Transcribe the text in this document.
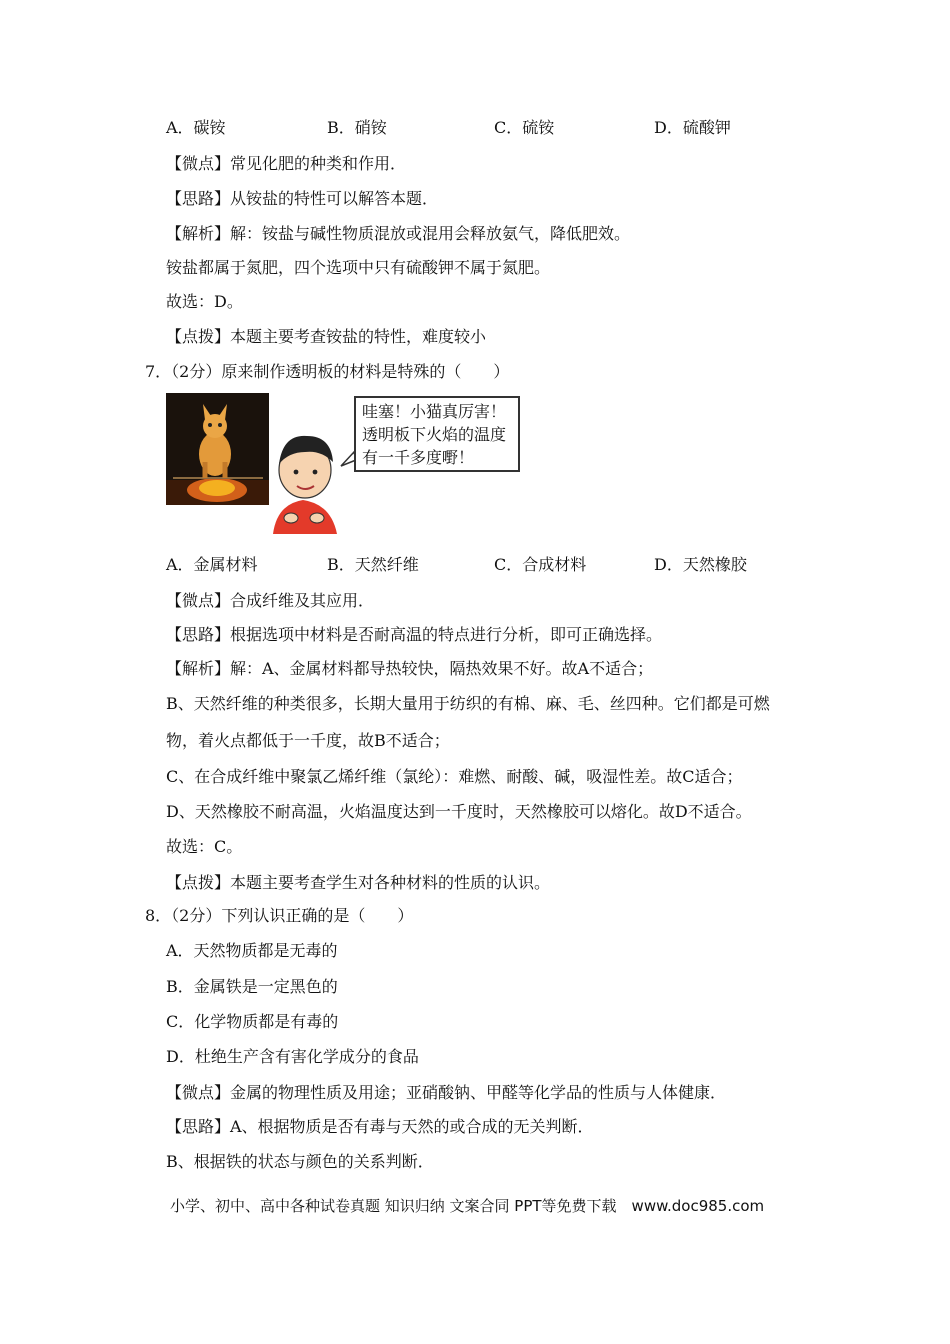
A．碳铵	B．硝铵	C．硫铵	D．硫酸钾
【微点】常见化肥的种类和作用．
【思路】从铵盐的特性可以解答本题．
【解析】解：铵盐与碱性物质混放或混用会释放氨气，降低肥效。
铵盐都属于氮肥，四个选项中只有硫酸钾不属于氮肥。
故选：D。
【点拨】本题主要考查铵盐的特性，难度较小
7．（2分）原来制作透明板的材料是特殊的（　　）
哇塞！小猫真厉害！
透明板下火焰的温度
有一千多度嘢！
A．金属材料	B．天然纤维	C．合成材料	D．天然橡胶
【微点】合成纤维及其应用．
【思路】根据选项中材料是否耐高温的特点进行分析，即可正确选择。
【解析】解：A、金属材料都导热较快，隔热效果不好。故A不适合；
B、天然纤维的种类很多，长期大量用于纺织的有棉、麻、毛、丝四种。它们都是可燃
物，着火点都低于一千度，故B不适合；
C、在合成纤维中聚氯乙烯纤维（氯纶）：难燃、耐酸、碱，吸湿性差。故C适合；
D、天然橡胶不耐高温，火焰温度达到一千度时，天然橡胶可以熔化。故D不适合。
故选：C。
【点拨】本题主要考查学生对各种材料的性质的认识。
8．（2分）下列认识正确的是（　　）
A．天然物质都是无毒的
B．金属铁是一定黑色的
C．化学物质都是有毒的
D．杜绝生产含有害化学成分的食品
【微点】金属的物理性质及用途；亚硝酸钠、甲醛等化学品的性质与人体健康．
【思路】A、根据物质是否有毒与天然的或合成的无关判断．
B、根据铁的状态与颜色的关系判断．
小学、初中、高中各种试卷真题 知识归纳 文案合同 PPT等免费下载　www.doc985.com
